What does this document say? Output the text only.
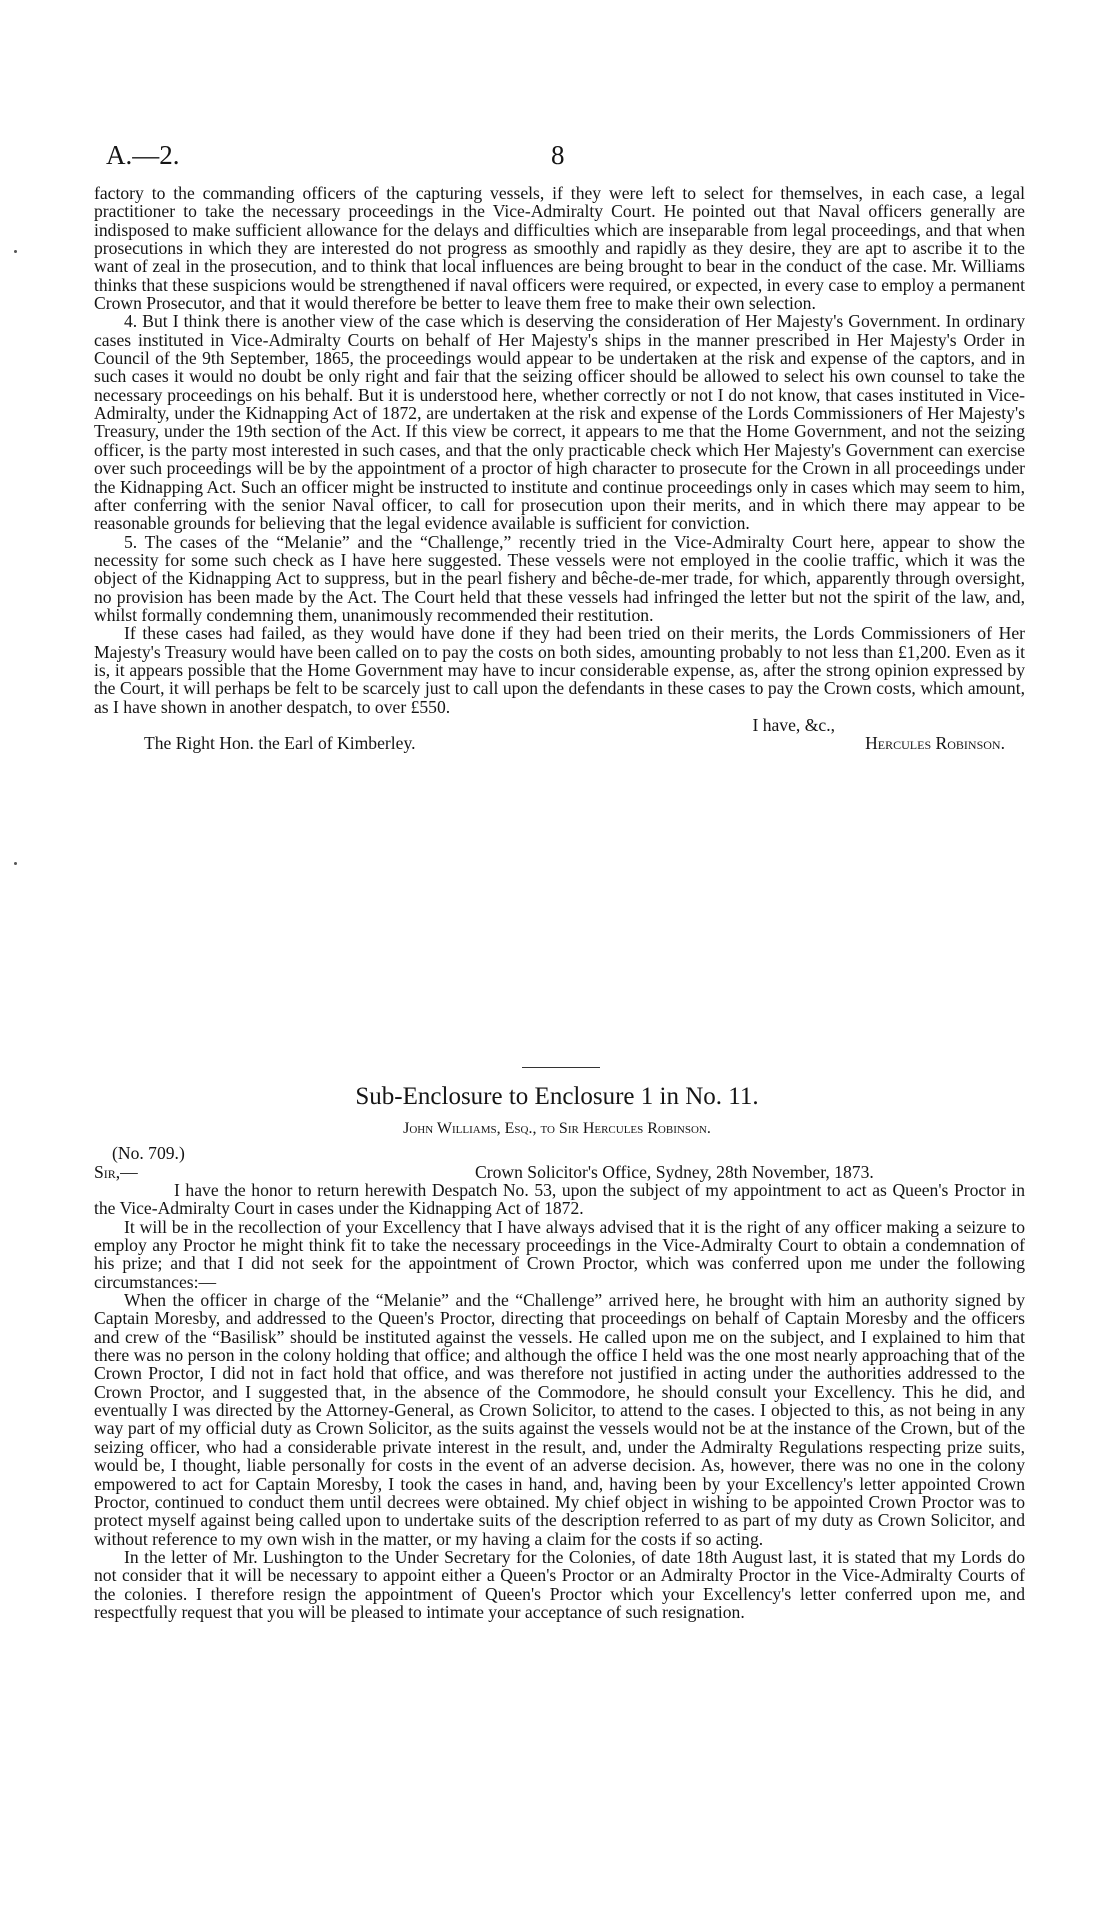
A.—2.	8

factory to the commanding officers of the capturing vessels, if they were left to select for themselves, in each case, a legal practitioner to take the necessary proceedings in the Vice-Admiralty Court. He pointed out that Naval officers generally are indisposed to make sufficient allowance for the delays and difficulties which are inseparable from legal proceedings, and that when prosecutions in which they are interested do not progress as smoothly and rapidly as they desire, they are apt to ascribe it to the want of zeal in the prosecution, and to think that local influences are being brought to bear in the conduct of the case. Mr. Williams thinks that these suspicions would be strengthened if naval officers were required, or expected, in every case to employ a permanent Crown Prosecutor, and that it would therefore be better to leave them free to make their own selection.

4. But I think there is another view of the case which is deserving the consideration of Her Majesty's Government. In ordinary cases instituted in Vice-Admiralty Courts on behalf of Her Majesty's ships in the manner prescribed in Her Majesty's Order in Council of the 9th September, 1865, the proceedings would appear to be undertaken at the risk and expense of the captors, and in such cases it would no doubt be only right and fair that the seizing officer should be allowed to select his own counsel to take the necessary proceedings on his behalf. But it is understood here, whether correctly or not I do not know, that cases instituted in Vice-Admiralty, under the Kidnapping Act of 1872, are undertaken at the risk and expense of the Lords Commissioners of Her Majesty's Treasury, under the 19th section of the Act. If this view be correct, it appears to me that the Home Government, and not the seizing officer, is the party most interested in such cases, and that the only practicable check which Her Majesty's Government can exercise over such proceedings will be by the appointment of a proctor of high character to prosecute for the Crown in all proceedings under the Kidnapping Act. Such an officer might be instructed to institute and continue proceedings only in cases which may seem to him, after conferring with the senior Naval officer, to call for prosecution upon their merits, and in which there may appear to be reasonable grounds for believing that the legal evidence available is sufficient for conviction.

5. The cases of the “Melanie” and the “Challenge,” recently tried in the Vice-Admiralty Court here, appear to show the necessity for some such check as I have here suggested. These vessels were not employed in the coolie traffic, which it was the object of the Kidnapping Act to suppress, but in the pearl fishery and bêche-de-mer trade, for which, apparently through oversight, no provision has been made by the Act. The Court held that these vessels had infringed the letter but not the spirit of the law, and, whilst formally condemning them, unanimously recommended their restitution.

If these cases had failed, as they would have done if they had been tried on their merits, the Lords Commissioners of Her Majesty's Treasury would have been called on to pay the costs on both sides, amounting probably to not less than £1,200. Even as it is, it appears possible that the Home Government may have to incur considerable expense, as, after the strong opinion expressed by the Court, it will perhaps be felt to be scarcely just to call upon the defendants in these cases to pay the Crown costs, which amount, as I have shown in another despatch, to over £550.

I have, &c.,

The Right Hon. the Earl of Kimberley.	Hercules Robinson.
Sub-Enclosure to Enclosure 1 in No. 11.
John Williams, Esq., to Sir Hercules Robinson.
(No. 709.)
Sir,—	Crown Solicitor's Office, Sydney, 28th November, 1873.

I have the honor to return herewith Despatch No. 53, upon the subject of my appointment to act as Queen's Proctor in the Vice-Admiralty Court in cases under the Kidnapping Act of 1872.

It will be in the recollection of your Excellency that I have always advised that it is the right of any officer making a seizure to employ any Proctor he might think fit to take the necessary proceedings in the Vice-Admiralty Court to obtain a condemnation of his prize; and that I did not seek for the appointment of Crown Proctor, which was conferred upon me under the following circumstances:—

When the officer in charge of the “Melanie” and the “Challenge” arrived here, he brought with him an authority signed by Captain Moresby, and addressed to the Queen's Proctor, directing that proceedings on behalf of Captain Moresby and the officers and crew of the “Basilisk” should be instituted against the vessels. He called upon me on the subject, and I explained to him that there was no person in the colony holding that office; and although the office I held was the one most nearly approaching that of the Crown Proctor, I did not in fact hold that office, and was therefore not justified in acting under the authorities addressed to the Crown Proctor, and I suggested that, in the absence of the Commodore, he should consult your Excellency. This he did, and eventually I was directed by the Attorney-General, as Crown Solicitor, to attend to the cases. I objected to this, as not being in any way part of my official duty as Crown Solicitor, as the suits against the vessels would not be at the instance of the Crown, but of the seizing officer, who had a considerable private interest in the result, and, under the Admiralty Regulations respecting prize suits, would be, I thought, liable personally for costs in the event of an adverse decision. As, however, there was no one in the colony empowered to act for Captain Moresby, I took the cases in hand, and, having been by your Excellency's letter appointed Crown Proctor, continued to conduct them until decrees were obtained. My chief object in wishing to be appointed Crown Proctor was to protect myself against being called upon to undertake suits of the description referred to as part of my duty as Crown Solicitor, and without reference to my own wish in the matter, or my having a claim for the costs if so acting.

In the letter of Mr. Lushington to the Under Secretary for the Colonies, of date 18th August last, it is stated that my Lords do not consider that it will be necessary to appoint either a Queen's Proctor or an Admiralty Proctor in the Vice-Admiralty Courts of the colonies. I therefore resign the appointment of Queen's Proctor which your Excellency's letter conferred upon me, and respectfully request that you will be pleased to intimate your acceptance of such resignation.
